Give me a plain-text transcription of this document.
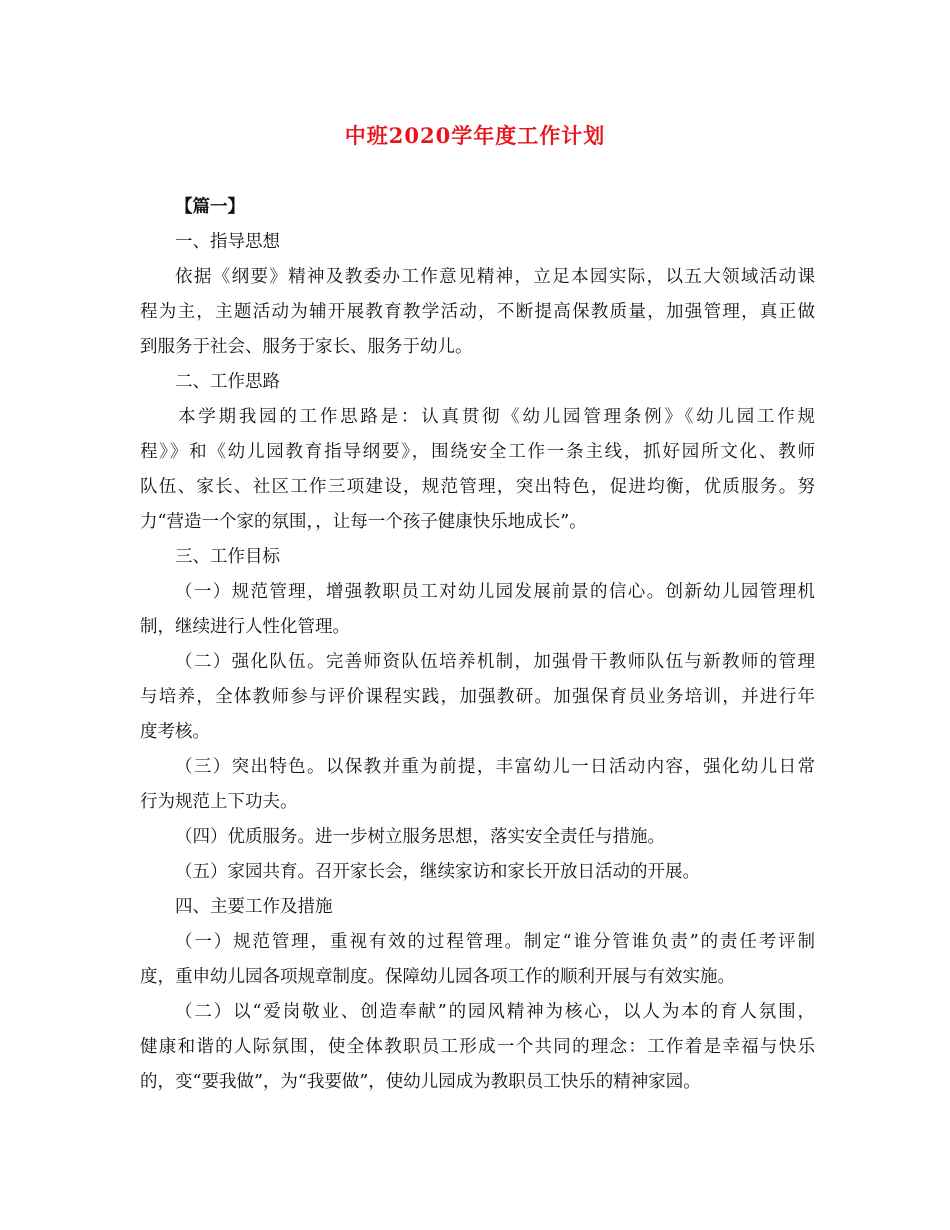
中班2020学年度工作计划
【篇一】
一、指导思想
依据《纲要》精神及教委办工作意见精神，立足本园实际，以五大领域活动课
程为主，主题活动为辅开展教育教学活动，不断提高保教质量，加强管理，真正做
到服务于社会、服务于家长、服务于幼儿。
二、工作思路
本学期我园的工作思路是：认真贯彻《幼儿园管理条例》《幼儿园工作规
程》》和《幼儿园教育指导纲要》，围绕安全工作一条主线，抓好园所文化、教师
队伍、家长、社区工作三项建设，规范管理，突出特色，促进均衡，优质服务。努
力“营造一个家的氛围，，让每一个孩子健康快乐地成长”。
三、工作目标
（一）规范管理，增强教职员工对幼儿园发展前景的信心。创新幼儿园管理机
制，继续进行人性化管理。
（二）强化队伍。完善师资队伍培养机制，加强骨干教师队伍与新教师的管理
与培养，全体教师参与评价课程实践，加强教研。加强保育员业务培训，并进行年
度考核。
（三）突出特色。以保教并重为前提，丰富幼儿一日活动内容，强化幼儿日常
行为规范上下功夫。
（四）优质服务。进一步树立服务思想，落实安全责任与措施。
（五）家园共育。召开家长会，继续家访和家长开放日活动的开展。
四、主要工作及措施
（一）规范管理，重视有效的过程管理。制定“谁分管谁负责”的责任考评制
度，重申幼儿园各项规章制度。保障幼儿园各项工作的顺利开展与有效实施。
（二）以“爱岗敬业、创造奉献”的园风精神为核心，以人为本的育人氛围，
健康和谐的人际氛围，使全体教职员工形成一个共同的理念：工作着是幸福与快乐
的，变“要我做”，为“我要做”，使幼儿园成为教职员工快乐的精神家园。
